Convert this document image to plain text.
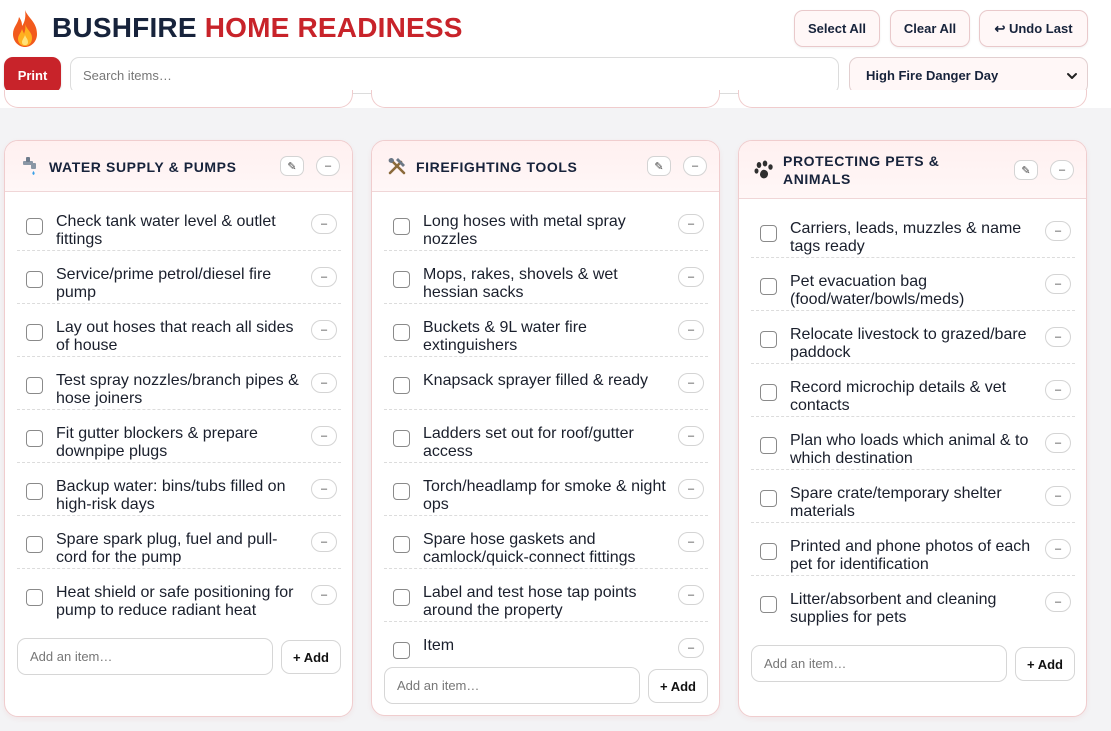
BUSHFIRE HOME READINESS	Select All	Clear All	↩ Undo Last
Print
Search items…	High Fire Danger Day
WATER SUPPLY & PUMPS	✎	–
Check tank water level & outlet fittings
–
Service/prime petrol/diesel fire pump
–
Lay out hoses that reach all sides of house
–
Test spray nozzles/branch pipes & hose joiners
–
Fit gutter blockers & prepare downpipe plugs
–
Backup water: bins/tubs filled on high-risk days
–
Spare spark plug, fuel and pull-cord for the pump
–
Heat shield or safe positioning for pump to reduce radiant heat
–
Add an item…
+ Add
FIREFIGHTING TOOLS	✎	–
Long hoses with metal spray nozzles
–
Mops, rakes, shovels & wet hessian sacks
–
Buckets & 9L water fire extinguishers
–
Knapsack sprayer filled & ready	–
Ladders set out for roof/gutter access
–
Torch/headlamp for smoke & night ops
–
Spare hose gaskets and camlock/quick-connect fittings
–
Label and test hose tap points around the property
–
Item	–
Add an item…
+ Add
PROTECTING PETS & ANIMALS
✎	–
Carriers, leads, muzzles & name tags ready
–
Pet evacuation bag (food/water/bowls/meds)
–
Relocate livestock to grazed/bare paddock
–
Record microchip details & vet contacts
–
Plan who loads which animal & to which destination
–
Spare crate/temporary shelter materials
–
Printed and phone photos of each pet for identification
–
Litter/absorbent and cleaning supplies for pets
–
Add an item…
+ Add
